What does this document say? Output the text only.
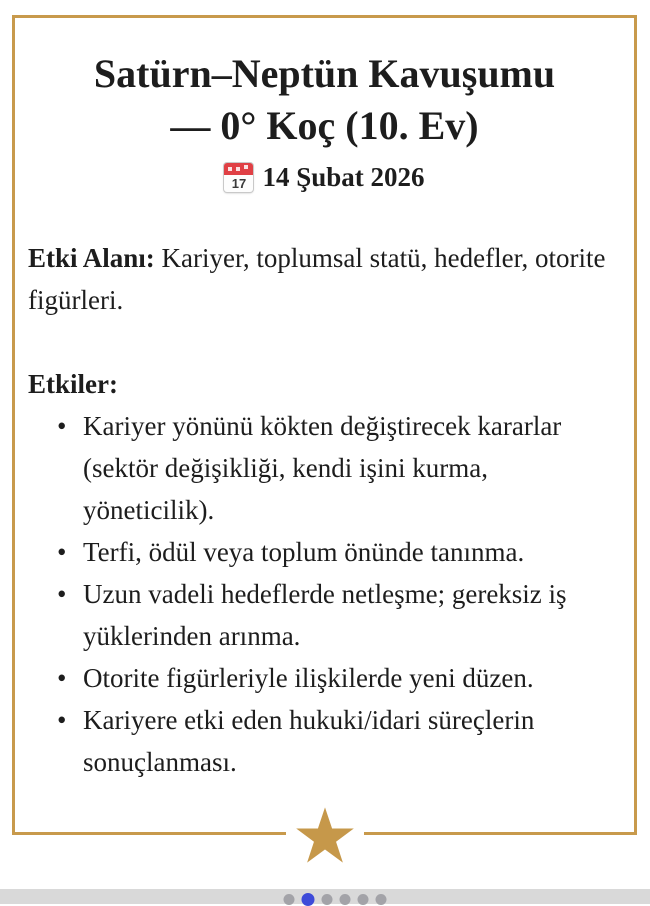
Satürn–Neptün Kavuşumu
— 0° Koç (10. Ev)
17 14 Şubat 2026

Etki Alanı: Kariyer, toplumsal statü, hedefler, otorite figürleri.

Etkiler:

• Kariyer yönünü kökten değiştirecek kararlar (sektör değişikliği, kendi işini kurma, yöneticilik).
• Terfi, ödül veya toplum önünde tanınma.
• Uzun vadeli hedeflerde netleşme; gereksiz iş yüklerinden arınma.
• Otorite figürleriyle ilişkilerde yeni düzen.
• Kariyere etki eden hukuki/idari süreçlerin sonuçlanması.
